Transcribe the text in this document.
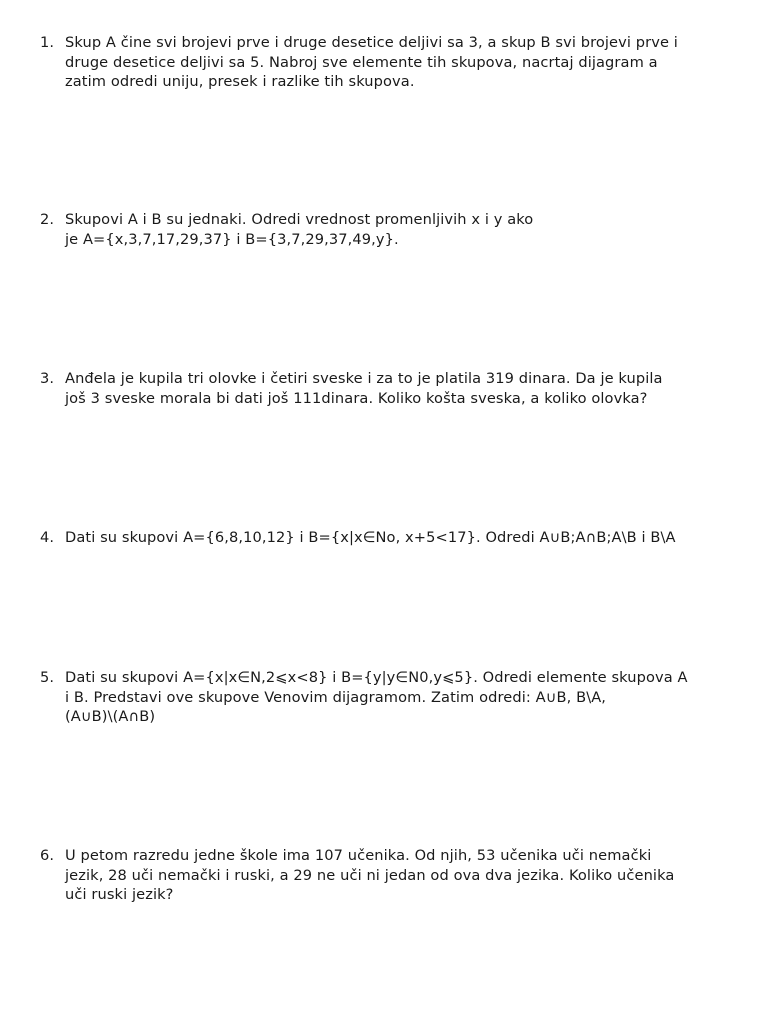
1. Skup A čine svi brojevi prve i druge desetice deljivi sa 3, a skup B svi brojevi prve i
druge desetice deljivi sa 5. Nabroj sve elemente tih skupova, nacrtaj dijagram a
zatim odredi uniju, presek i razlike tih skupova.
2. Skupovi A i B su jednaki. Odredi vrednost promenljivih x i y ako
je A={x,3,7,17,29,37} i B={3,7,29,37,49,y}.
3. Anđela je kupila tri olovke i četiri sveske i za to je platila 319 dinara. Da je kupila
još 3 sveske morala bi dati još 111dinara. Koliko košta sveska, a koliko olovka?
4. Dati su skupovi A={6,8,10,12} i B={x|x∈No, x+5<17}. Odredi A∪B;A∩B;A\B i B\A
5. Dati su skupovi A={x|x∈N,2⩽x<8} i B={y|y∈N0,y⩽5}. Odredi elemente skupova A
i B. Predstavi ove skupove Venovim dijagramom. Zatim odredi: A∪B, B\A,
(A∪B)\(A∩B)
6. U petom razredu jedne škole ima 107 učenika. Od njih, 53 učenika uči nemački
jezik, 28 uči nemački i ruski, a 29 ne uči ni jedan od ova dva jezika. Koliko učenika
uči ruski jezik?
